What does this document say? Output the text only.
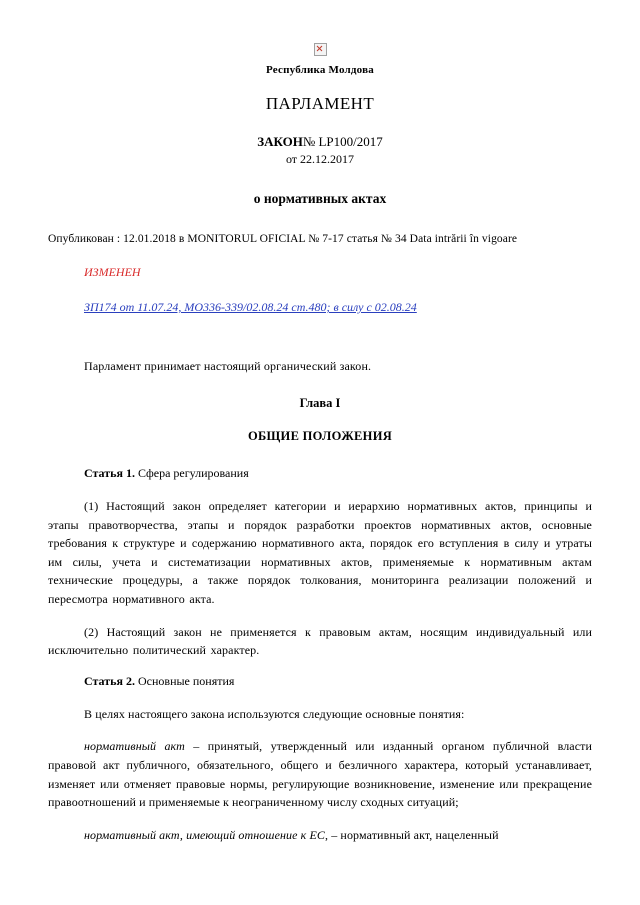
Республика Молдова
ПАРЛАМЕНТ
ЗАКОН№ LP100/2017
от 22.12.2017
о нормативных актах
Опубликован : 12.01.2018 в MONITORUL OFICIAL № 7-17 статья № 34 Data intrării în vigoare
ИЗМЕНЕН
ЗП174 от 11.07.24, МО336-339/02.08.24 ст.480; в силу с 02.08.24
Парламент принимает настоящий органический закон.
Глава I
ОБЩИЕ ПОЛОЖЕНИЯ
Статья 1. Сфера регулирования

(1) Настоящий закон определяет категории и иерархию нормативных актов, принципы и этапы правотворчества, этапы и порядок разработки проектов нормативных актов, основные требования к структуре и содержанию нормативного акта, порядок его вступления в силу и утраты им силы, учета и систематизации нормативных актов, применяемые к нормативным актам технические процедуры, а также порядок толкования, мониторинга реализации положений и пересмотра нормативного акта.

(2) Настоящий закон не применяется к правовым актам, носящим индивидуальный или исключительно политический характер.

Статья 2. Основные понятия

В целях настоящего закона используются следующие основные понятия:

нормативный акт – принятый, утвержденный или изданный органом публичной власти правовой акт публичного, обязательного, общего и безличного характера, который устанавливает, изменяет или отменяет правовые нормы, регулирующие возникновение, изменение или прекращение правоотношений и применяемые к неограниченному числу сходных ситуаций;

нормативный акт, имеющий отношение к ЕС, – нормативный акт, нацеленный
